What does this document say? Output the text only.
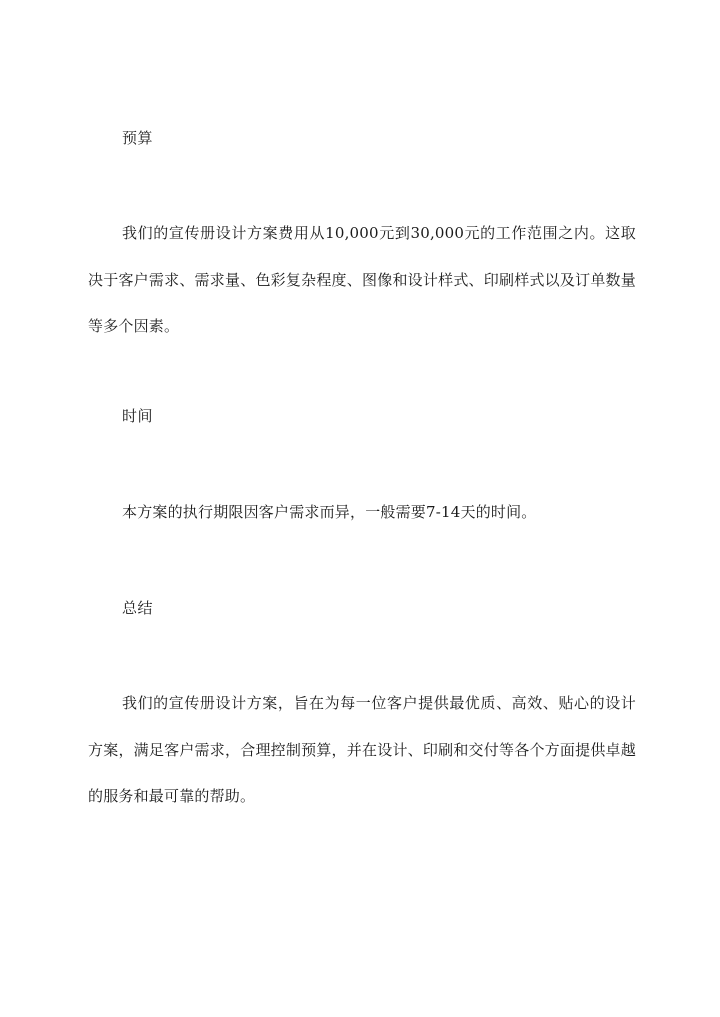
预算

我们的宣传册设计方案费用从10,000元到30,000元的工作范围之内。这取决于客户需求、需求量、色彩复杂程度、图像和设计样式、印刷样式以及订单数量等多个因素。

时间

本方案的执行期限因客户需求而异，一般需要7-14天的时间。

总结

我们的宣传册设计方案，旨在为每一位客户提供最优质、高效、贴心的设计方案，满足客户需求，合理控制预算，并在设计、印刷和交付等各个方面提供卓越的服务和最可靠的帮助。
